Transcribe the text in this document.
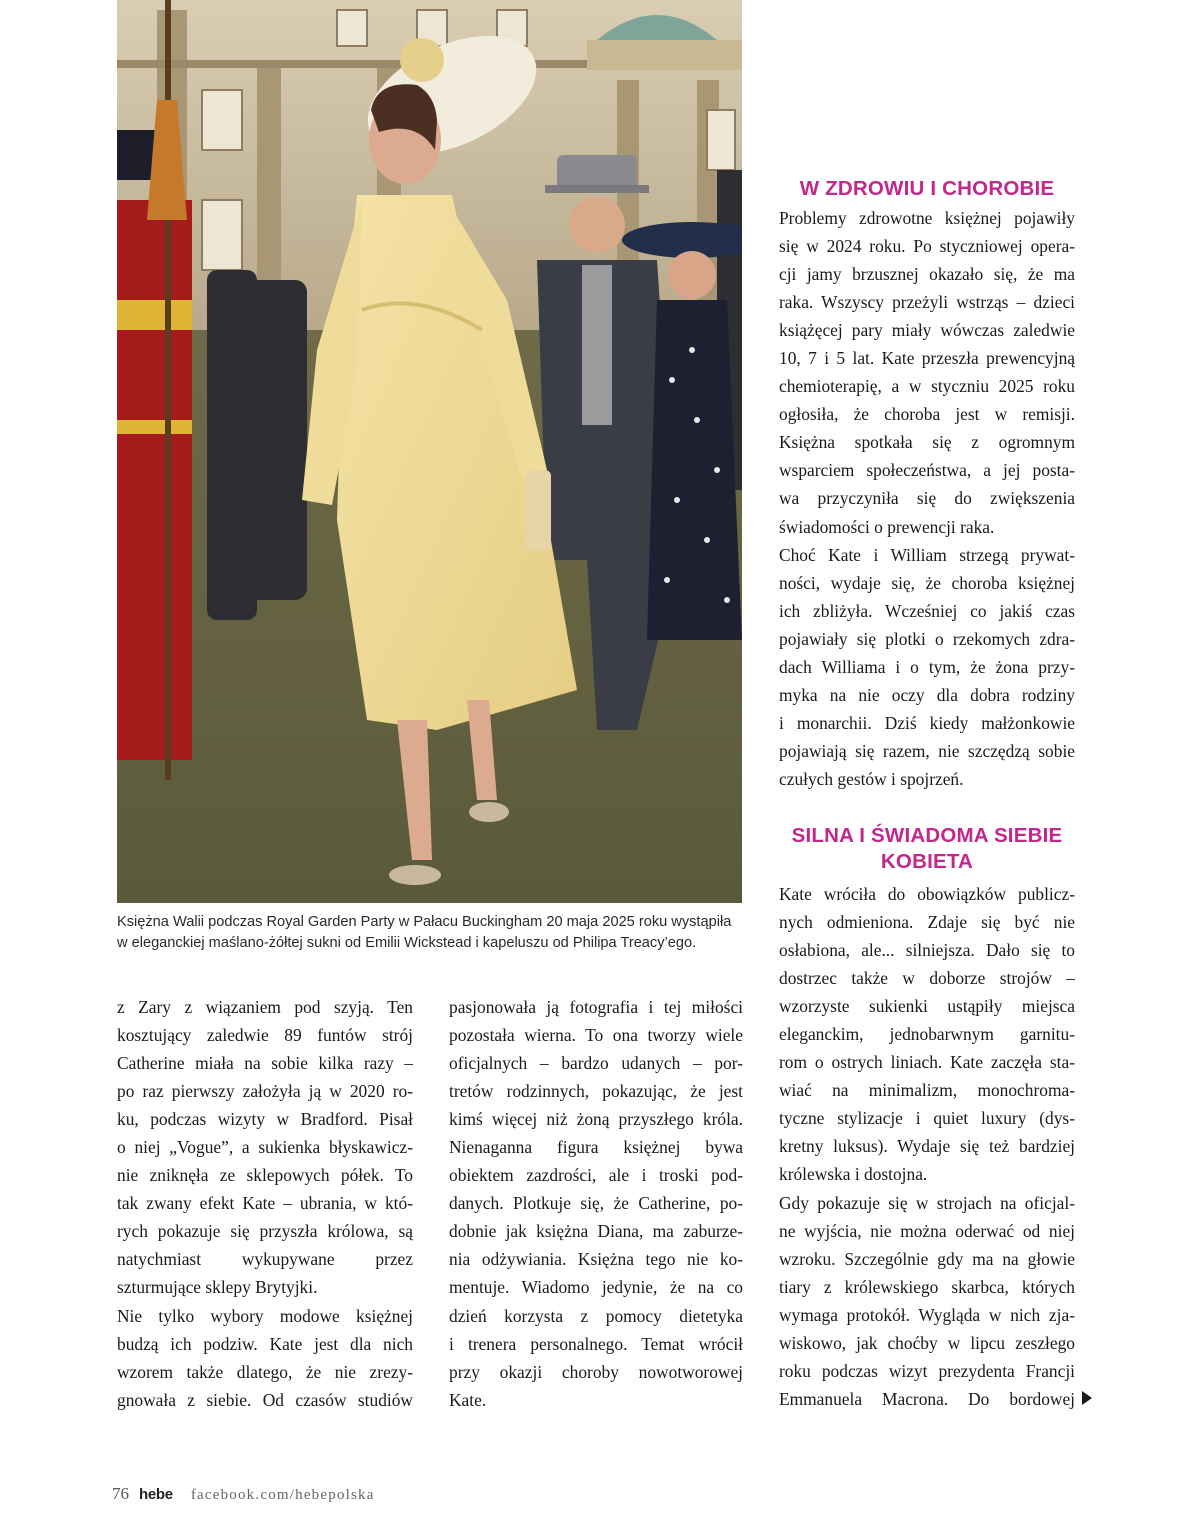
Księżna Walii podczas Royal Garden Party w Pałacu Buckingham 20 maja 2025 roku wystąpiła

w eleganckiej maślano-żółtej sukni od Emilii Wickstead i kapeluszu od Philipa Treacy’ego.

z Zary z wiązaniem pod szyją. Ten

kosztujący zaledwie 89 funtów strój

Catherine miała na sobie kilka razy –

po raz pierwszy założyła ją w 2020 ro-

ku, podczas wizyty w Bradford. Pisał

o niej „Vogue”, a sukienka błyskawicz-

nie zniknęła ze sklepowych półek. To

tak zwany efekt Kate – ubrania, w któ-

rych pokazuje się przyszła królowa, są

natychmiast wykupywane przez

szturmujące sklepy Brytyjki.

Nie tylko wybory modowe księżnej

budzą ich podziw. Kate jest dla nich

wzorem także dlatego, że nie zrezy-

gnowała z siebie. Od czasów studiów

pasjonowała ją fotografia i tej miłości

pozostała wierna. To ona tworzy wiele

oficjalnych – bardzo udanych – por-

tretów rodzinnych, pokazując, że jest

kimś więcej niż żoną przyszłego króla.

Nienaganna figura księżnej bywa

obiektem zazdrości, ale i troski pod-

danych. Plotkuje się, że Catherine, po-

dobnie jak księżna Diana, ma zaburze-

nia odżywiania. Księżna tego nie ko-

mentuje. Wiadomo jedynie, że na co

dzień korzysta z pomocy dietetyka

i trenera personalnego. Temat wrócił

przy okazji choroby nowotworowej

Kate.

W ZDROWIU I CHOROBIE

Problemy zdrowotne księżnej pojawiły

się w 2024 roku. Po styczniowej opera-

cji jamy brzusznej okazało się, że ma

raka. Wszyscy przeżyli wstrząs – dzieci

książęcej pary miały wówczas zaledwie

10, 7 i 5 lat. Kate przeszła prewencyjną

chemioterapię, a w styczniu 2025 roku

ogłosiła, że choroba jest w remisji.

Księżna spotkała się z ogromnym

wsparciem społeczeństwa, a jej posta-

wa przyczyniła się do zwiększenia

świadomości o prewencji raka.

Choć Kate i William strzegą prywat-

ności, wydaje się, że choroba księżnej

ich zbliżyła. Wcześniej co jakiś czas

pojawiały się plotki o rzekomych zdra-

dach Williama i o tym, że żona przy-

myka na nie oczy dla dobra rodziny

i monarchii. Dziś kiedy małżonkowie

pojawiają się razem, nie szczędzą sobie

czułych gestów i spojrzeń.

SILNA I ŚWIADOMA SIEBIE
KOBIETA

Kate wróciła do obowiązków publicz-

nych odmieniona. Zdaje się być nie

osłabiona, ale... silniejsza. Dało się to

dostrzec także w doborze strojów –

wzorzyste sukienki ustąpiły miejsca

eleganckim, jednobarwnym garnitu-

rom o ostrych liniach. Kate zaczęła sta-

wiać na minimalizm, monochroma-

tyczne stylizacje i quiet luxury (dys-

kretny luksus). Wydaje się też bardziej

królewska i dostojna.

Gdy pokazuje się w strojach na oficjal-

ne wyjścia, nie można oderwać od niej

wzroku. Szczególnie gdy ma na głowie

tiary z królewskiego skarbca, których

wymaga protokół. Wygląda w nich zja-

wiskowo, jak choćby w lipcu zeszłego

roku podczas wizyt prezydenta Francji

Emmanuela Macrona. Do bordowej

76 hebe facebook.com/hebepolska
